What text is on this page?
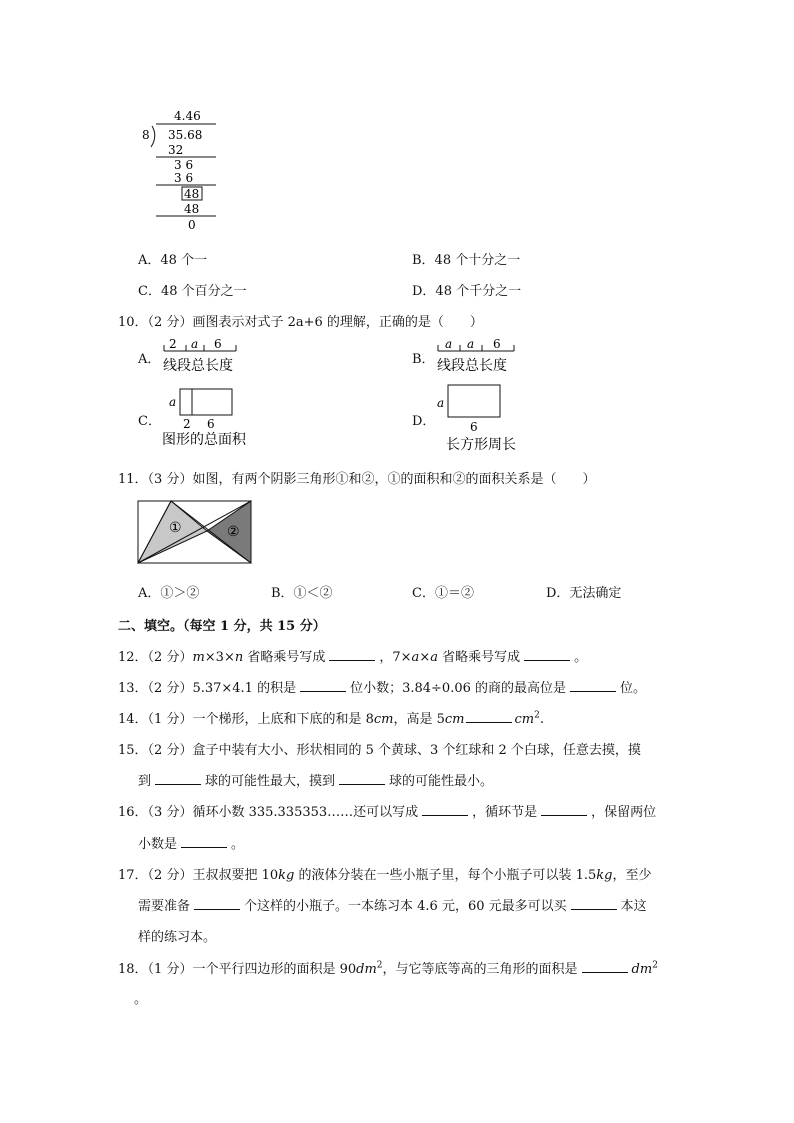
4.46
8 35.68
32
3 6
3 6
48
48
0
A．48 个一	B．48 个十分之一
C．48 个百分之一	D．48 个千分之一
10．（2 分）画图表示对式子 2a+6 的理解，正确的是（　　）
A．
2 a 6
线段总长度	B．
a a 6
线段总长度
C．
a
2 6
图形的总面积
D．
a
6
长方形周长
11．（3 分）如图，有两个阴影三角形①和②，①的面积和②的面积关系是（　　）
①	②
A．①＞②	B．①＜②	C．①＝②	D．无法确定
二、填空。（每空 1 分，共 15 分）
12．（2 分）m×3×n 省略乘号写成	，7×a×a 省略乘号写成	。
13．（2 分）5.37×4.1 的积是	位小数；3.84÷0.06 的商的最高位是	位。
14．（1 分）一个梯形，上底和下底的和是 8cm，高是 5cm	$cm^2$.
15．（2 分）盒子中装有大小、形状相同的 5 个黄球、3 个红球和 2 个白球，任意去摸，摸
到	球的可能性最大，摸到	球的可能性最小。
16．（3 分）循环小数 335.335353……还可以写成	，循环节是	，保留两位
小数是	。
17．（2 分）王叔叔要把 10kg 的液体分装在一些小瓶子里，每个小瓶子可以装 1.5kg，至少
需要准备	个这样的小瓶子。一本练习本 4.6 元，60 元最多可以买	本这
样的练习本。
18．（1 分）一个平行四边形的面积是 $90dm^2$，与它等底等高的三角形的面积是	$dm^2$
。
